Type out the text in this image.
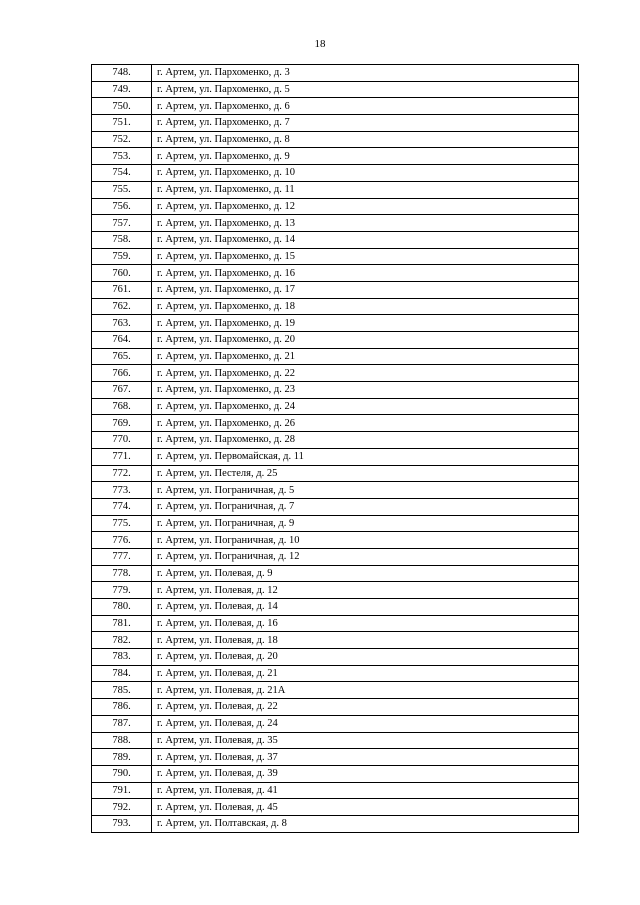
18
748.	г. Артем, ул. Пархоменко, д. 3
749.	г. Артем, ул. Пархоменко, д. 5
750.	г. Артем, ул. Пархоменко, д. 6
751.	г. Артем, ул. Пархоменко, д. 7
752.	г. Артем, ул. Пархоменко, д. 8
753.	г. Артем, ул. Пархоменко, д. 9
754.	г. Артем, ул. Пархоменко, д. 10
755.	г. Артем, ул. Пархоменко, д. 11
756.	г. Артем, ул. Пархоменко, д. 12
757.	г. Артем, ул. Пархоменко, д. 13
758.	г. Артем, ул. Пархоменко, д. 14
759.	г. Артем, ул. Пархоменко, д. 15
760.	г. Артем, ул. Пархоменко, д. 16
761.	г. Артем, ул. Пархоменко, д. 17
762.	г. Артем, ул. Пархоменко, д. 18
763.	г. Артем, ул. Пархоменко, д. 19
764.	г. Артем, ул. Пархоменко, д. 20
765.	г. Артем, ул. Пархоменко, д. 21
766.	г. Артем, ул. Пархоменко, д. 22
767.	г. Артем, ул. Пархоменко, д. 23
768.	г. Артем, ул. Пархоменко, д. 24
769.	г. Артем, ул. Пархоменко, д. 26
770.	г. Артем, ул. Пархоменко, д. 28
771.	г. Артем, ул. Первомайская, д. 11
772.	г. Артем, ул. Пестеля, д. 25
773.	г. Артем, ул. Пограничная, д. 5
774.	г. Артем, ул. Пограничная, д. 7
775.	г. Артем, ул. Пограничная, д. 9
776.	г. Артем, ул. Пограничная, д. 10
777.	г. Артем, ул. Пограничная, д. 12
778.	г. Артем, ул. Полевая, д. 9
779.	г. Артем, ул. Полевая, д. 12
780.	г. Артем, ул. Полевая, д. 14
781.	г. Артем, ул. Полевая, д. 16
782.	г. Артем, ул. Полевая, д. 18
783.	г. Артем, ул. Полевая, д. 20
784.	г. Артем, ул. Полевая, д. 21
785.	г. Артем, ул. Полевая, д. 21А
786.	г. Артем, ул. Полевая, д. 22
787.	г. Артем, ул. Полевая, д. 24
788.	г. Артем, ул. Полевая, д. 35
789.	г. Артем, ул. Полевая, д. 37
790.	г. Артем, ул. Полевая, д. 39
791.	г. Артем, ул. Полевая, д. 41
792.	г. Артем, ул. Полевая, д. 45
793.	г. Артем, ул. Полтавская, д. 8
